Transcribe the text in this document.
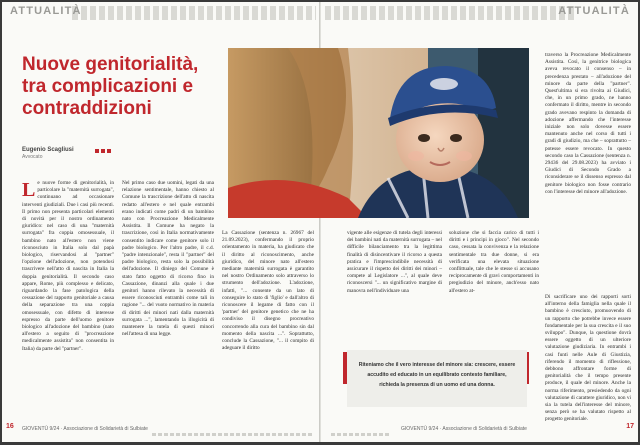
ATTUALITÀ
Nuove genitorialità, tra complicazioni e contraddizioni
Eugenio Scagliusi
Avvocato
Le nuove forme di genitorialità, in particolare la "maternità surrogata", continuano ad occasionare interventi giudiziali. Due i casi più recenti. Il primo non presenta particolari elementi di novità per il nostro ordinamento giuridico: nel caso di una "maternità surrogata" fra coppia omosessuale, il bambino nato all'estero non viene riconosciuto in Italia solo dal papà biologico, riservandosi al "partner" l'opzione dell'adozione, non potendosi trascrivere nell'atto di nascita in Italia la doppia genitorialità. Il secondo caso appare, Rome, più complesso e delicato, riguardando la fase patologica della cessazione del rapporto genitoriale a causa della separazione tra una coppia omosessuale, con difetto di interesse espresso da parte dell'uomo genitore biologico all'adozione del bambino (nato all'estero a seguito di "procreazione medicalmente assistita" non consentita in Italia) da parte del "partner".
Nel primo caso due uomini, legati da una relazione sentimentale, hanno chiesto al Comune la trascrizione dell'atto di nascita redatto all'estero e nel quale entrambi erano indicati come padri di un bambino nato con Procreazione Medicalmente Assistita. Il Comune ha negato la trascrizione, così in Italia normativamente consentito indicare come genitore solo il padre biologico. Per l'altro padre, il c.d. "padre intenzionale", resta il "partner" del padre biologico, resta solo la possibilità dell'adozione. Il diniego del Comune è stato fatto oggetto di ricorso fino in Cassazione, dinanzi alla quale i due genitori hanno rilevato la necessità di essere riconosciuti entrambi come tali in ragione "... del vuoto normativo in materia di diritti dei minori nati dalla maternità surrogata ...", lamentando la illogicità di mantenere la tutela di questi minori nell'attesa di una legge.
La Cassazione (sentenza n. 26967 del 21.09.2023), confermando il proprio orientamento in materia, ha giudicato che il diritto al riconoscimento, anche giuridico, del minore nato all'estero mediante maternità surrogata è garantito nel nostro Ordinamento solo attraverso lo strumento dell'adozione. L'adozione, infatti, "... consente da un lato di conseguire lo stato di 'figlio' e dall'altro di riconoscere il legame di fatto con il 'partner' del genitore genetico che ne ha condiviso il disegno procreativo concorrendo alla cura del bambino sin dal momento della nascita ...". Soprattutto, conclude la Cassazione, "... il compito di adeguare il diritto
16 GIOVENTÙ 9/24 · Associazione di Solidarietà di Sulbiate
ATTUALITÀ
vigente alle esigenze di tutela degli interessi dei bambini nati da maternità surrogata – nel difficile bilanciamento tra la legittima finalità di disincentivare il ricorso a questa pratica e l'imprescindibile necessità di assicurare il rispetto dei diritti dei minori – compete al Legislatore ...", al quale deve riconoscersi "... un significativo margine di manovra nell'individuare una
soluzione che si faccia carico di tutti i diritti e i principi in gioco". Nel secondo caso, cessata la convivenza e la relazione sentimentale tra due donne, si era verificata una elevata situazione conflittuale, tale che le stesse si accusano reciprocamente di gravi comportamenti in pregiudizio del minore, anch'esso nato all'estero at-
traverso la Procreazione Medicalmente Assistita. Così, la genitrice biologica aveva revocato il consenso – in precedenza prestato – all'adozione del minore da parte della "partner". Quest'ultima si era rivolta ai Giudici, che, in un primo grado, ne hanno confermato il diritto, mentre in secondo grado avevano respinto la domanda di adozione affermando che l'interesse iniziale non solo dovesse essere mantenuto anche nel corso di tutti i gradi di giudizio, ma che – soprattutto – potesse essere revocato. In questo secondo caso la Cassazione (sentenza n. 29436 del 29.08.2023) ha avviato i Giudici di Secondo Grado a riconsiderare se il dissenso espresso dal genitore biologico non fosse contrario con l'interesse del minore all'adozione.
Di sacrificare uno dei rapporti sorti all'interno della famiglia nella quale il bambino è cresciuto, promuovendo di un rapporto che potrebbe invece essere fondamentale per la sua crescita e il suo sviluppo". Dunque, la questione dovrà essere oggetto di un ulteriore valutazione giudiziaria. In entrambi i casi funti nelle Aule di Giustizia, riferendo il momento di riflessione, debbono affrontare forme di genitorialità che il tempo presente produce, il quale del minore. Anche la norma riferimento, presiedendo da ogni valutazione di carattere giuridico, non vi sia la tutela dell'interesse del minore, senza però se ha valutato rispetto al progetto genitoriale.
17
GIOVENTÙ 9/24 · Associazione di Solidarietà di Sulbiate

Riteniamo che il vero interesse del minore sia: crescere, essere accudito ed educato in un equilibrato contesto familiare, richieda la presenza di un uomo ed una donna.
